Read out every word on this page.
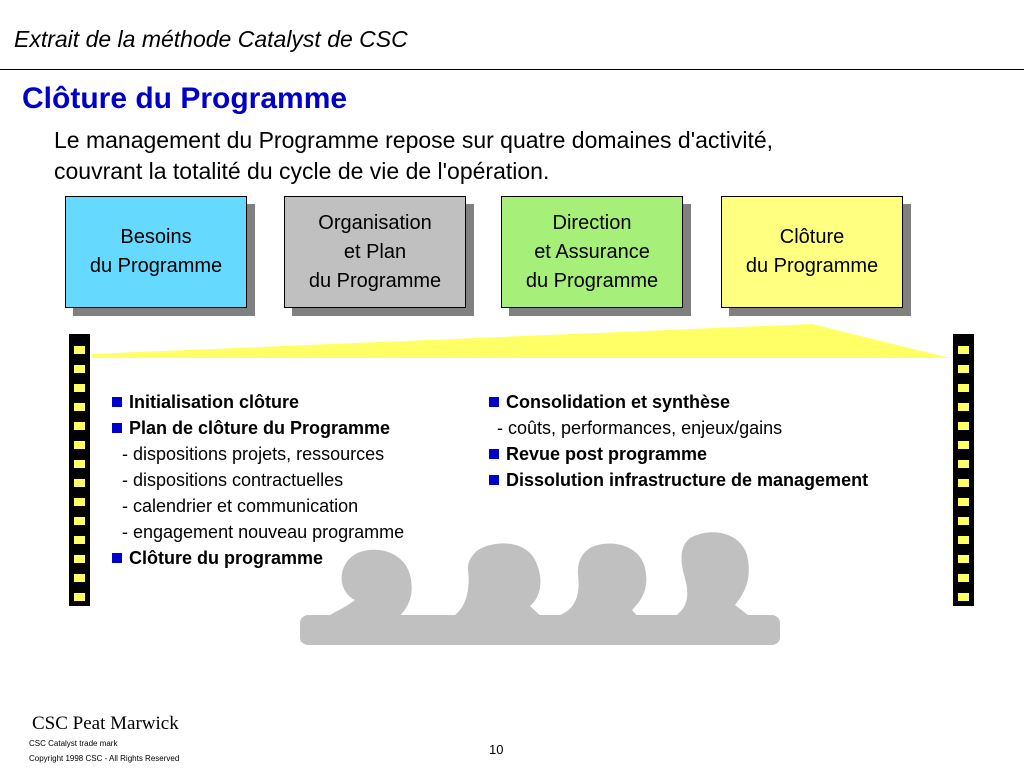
Extrait de la méthode Catalyst de CSC
Clôture du Programme
Le management du Programme repose sur quatre domaines d'activité,
couvrant la totalité du cycle de vie de l'opération.
Besoins
du Programme
Organisation
et Plan
du Programme
Direction
et Assurance
du Programme
Clôture
du Programme
Initialisation clôture
Plan de clôture du Programme
- dispositions projets, ressources
- dispositions contractuelles
- calendrier et communication
- engagement nouveau programme
Clôture du programme
Consolidation et synthèse
- coûts, performances, enjeux/gains
Revue post programme
Dissolution infrastructure de management
CSC Peat Marwick
CSC Catalyst trade mark
Copyright 1998 CSC - All Rights Reserved
10
